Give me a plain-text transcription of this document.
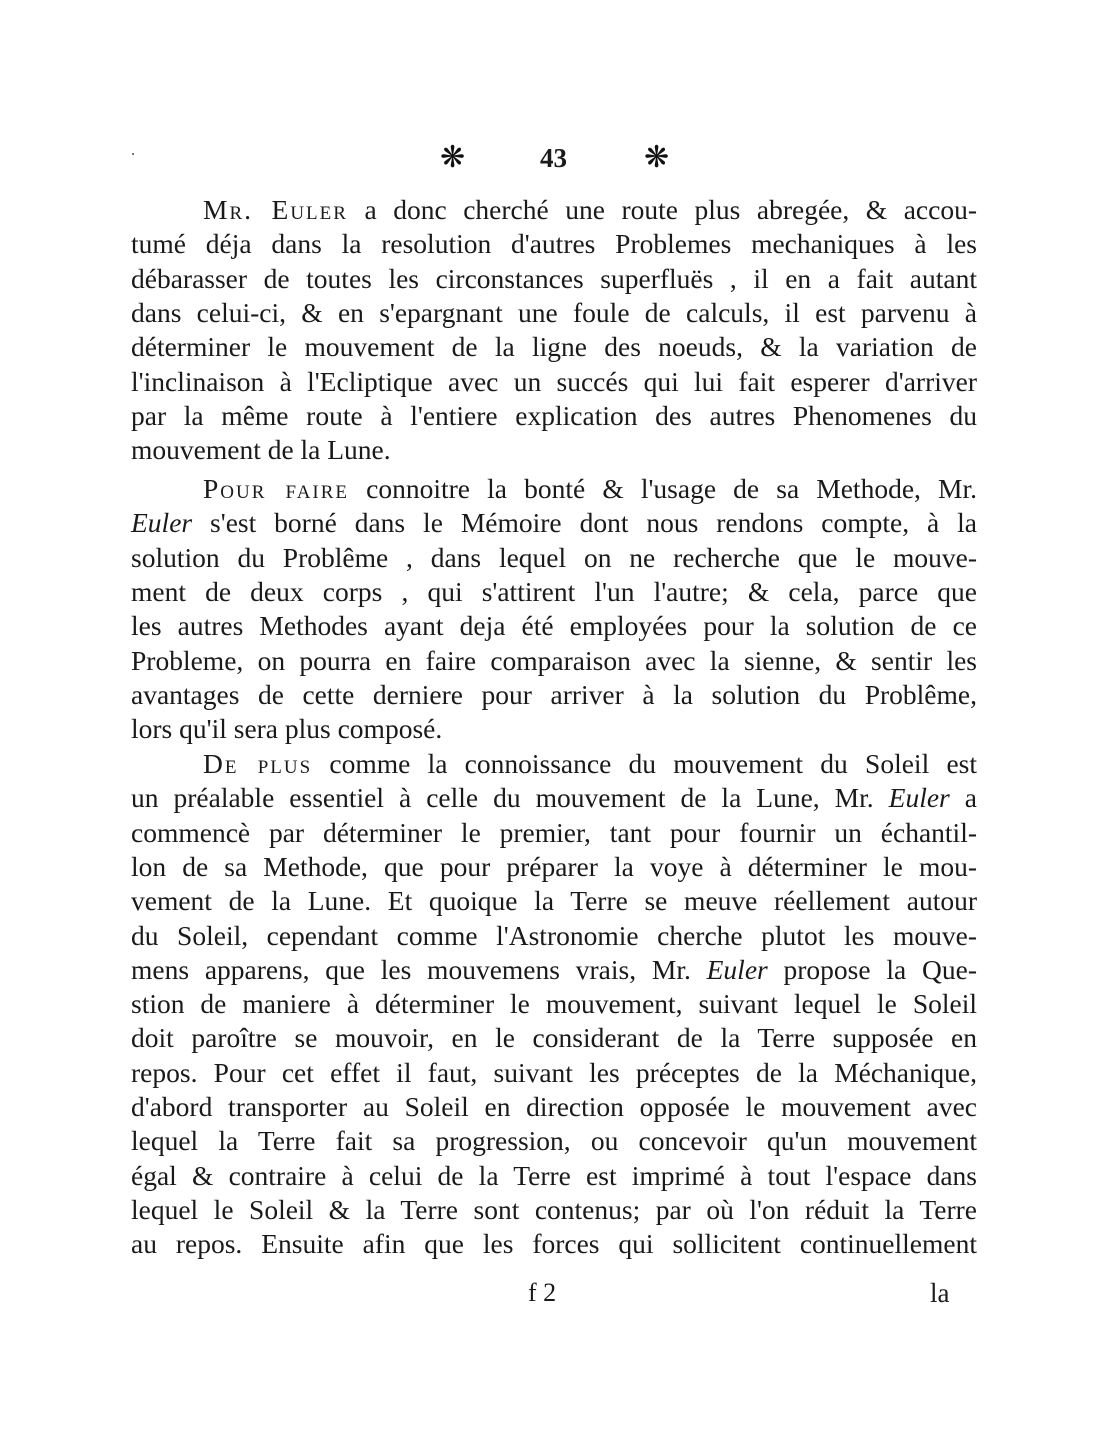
❋	43	❋
Mr. Euler a donc cherché une route plus abregée, & accou-
tumé déja dans la resolution d'autres Problemes mechaniques à les
débarasser de toutes les circonstances superfluës , il en a fait autant
dans celui-ci, & en s'epargnant une foule de calculs, il est parvenu à
déterminer le mouvement de la ligne des noeuds, & la variation de
l'inclinaison à l'Ecliptique avec un succés qui lui fait esperer d'arriver
par la même route à l'entiere explication des autres Phenomenes du
mouvement de la Lune.
Pour faire connoitre la bonté & l'usage de sa Methode, Mr.
Euler s'est borné dans le Mémoire dont nous rendons compte, à la
solution du Problême , dans lequel on ne recherche que le mouve-
ment de deux corps , qui s'attirent l'un l'autre; & cela, parce que
les autres Methodes ayant deja été employées pour la solution de ce
Probleme, on pourra en faire comparaison avec la sienne, & sentir les
avantages de cette derniere pour arriver à la solution du Problême,
lors qu'il sera plus composé.
De plus comme la connoissance du mouvement du Soleil est
un préalable essentiel à celle du mouvement de la Lune, Mr. Euler a
commencè par déterminer le premier, tant pour fournir un échantil-
lon de sa Methode, que pour préparer la voye à déterminer le mou-
vement de la Lune. Et quoique la Terre se meuve réellement autour
du Soleil, cependant comme l'Astronomie cherche plutot les mouve-
mens apparens, que les mouvemens vrais, Mr. Euler propose la Que-
stion de maniere à déterminer le mouvement, suivant lequel le Soleil
doit paroître se mouvoir, en le considerant de la Terre supposée en
repos. Pour cet effet il faut, suivant les préceptes de la Méchanique,
d'abord transporter au Soleil en direction opposée le mouvement avec
lequel la Terre fait sa progression, ou concevoir qu'un mouvement
égal & contraire à celui de la Terre est imprimé à tout l'espace dans
lequel le Soleil & la Terre sont contenus; par où l'on réduit la Terre
au repos. Ensuite afin que les forces qui sollicitent continuellement
f 2	la
